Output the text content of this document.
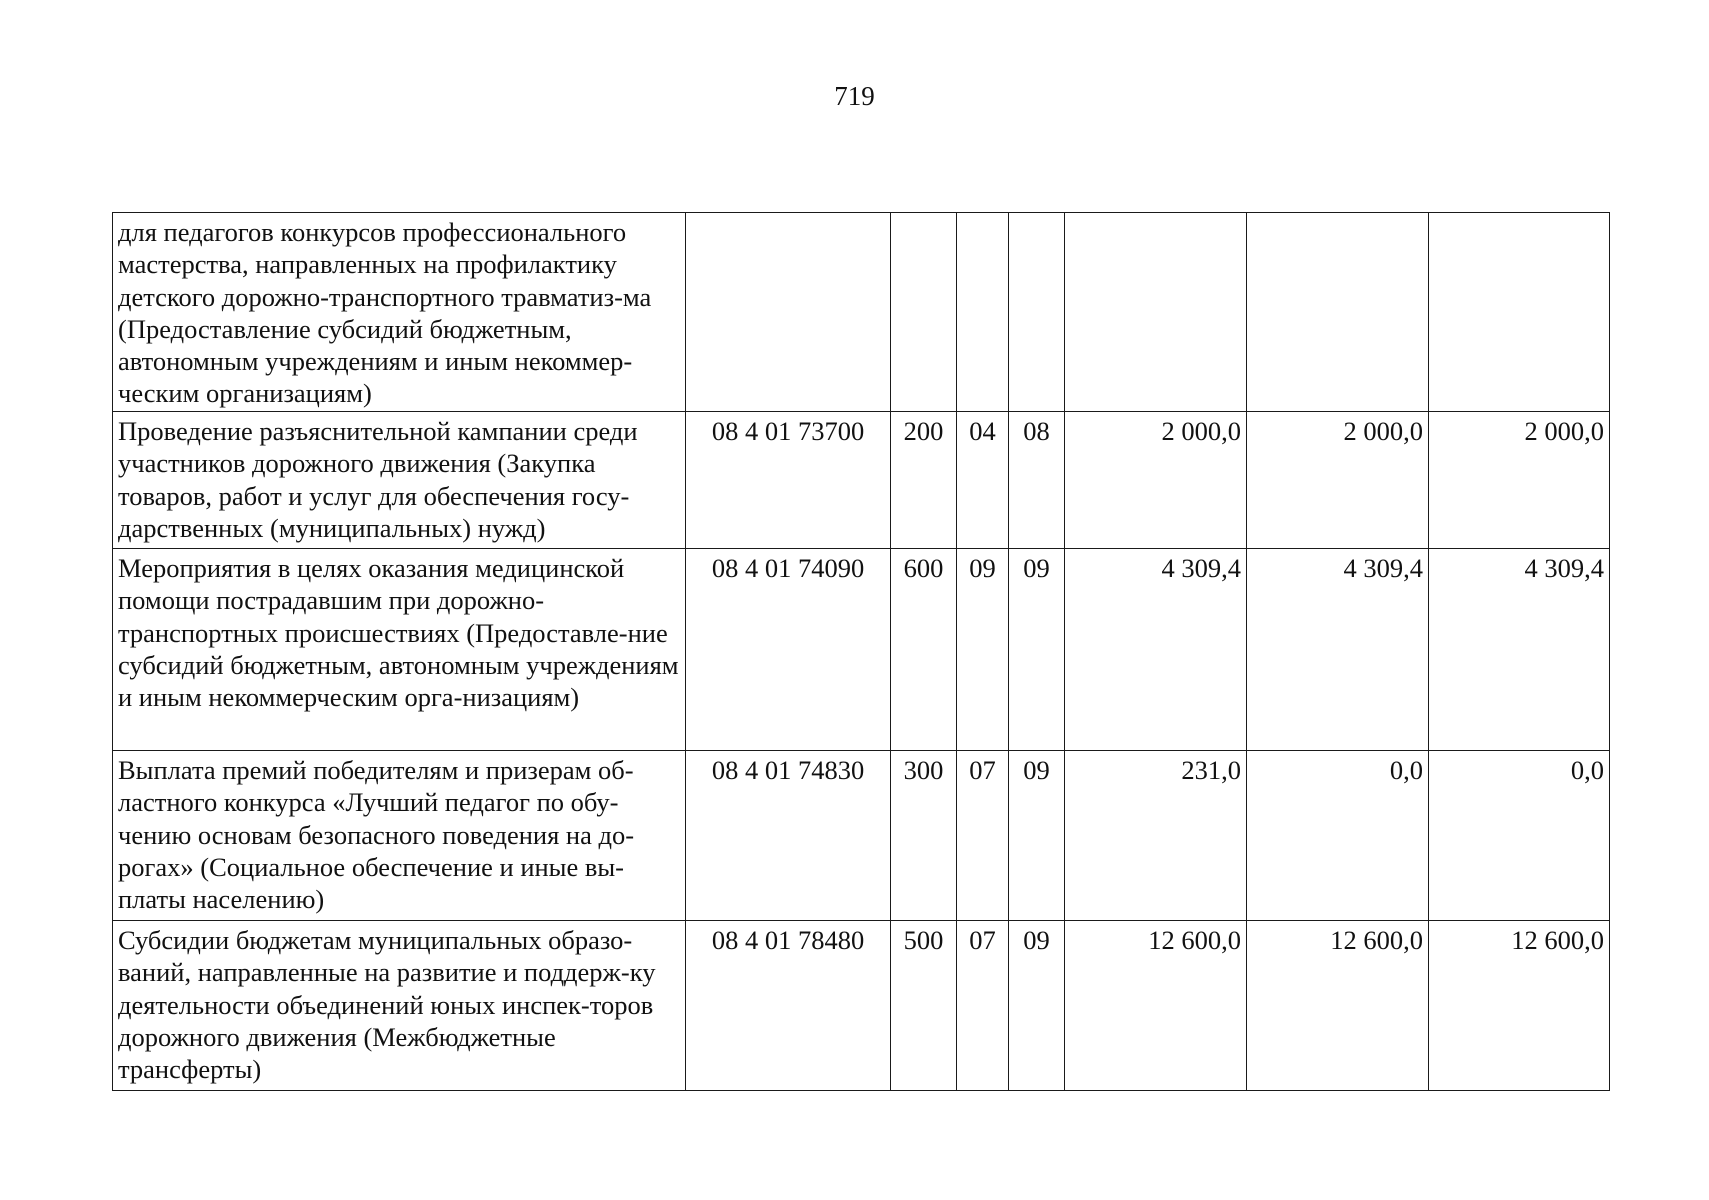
719
для педагогов конкурсов профессионального мастерства, направленных на профилактику детского дорожно-транспортного травматиз-ма (Предоставление субсидий бюджетным, автономным учреждениям и иным некоммер-ческим организациям)							
Проведение разъяснительной кампании среди участников дорожного движения (Закупка товаров, работ и услуг для обеспечения госу-дарственных (муниципальных) нужд)	08 4 01 73700	200	04	08	2 000,0	2 000,0	2 000,0
Мероприятия в целях оказания медицинской помощи пострадавшим при дорожно-транспортных происшествиях (Предоставле-ние субсидий бюджетным, автономным учреждениям и иным некоммерческим орга-низациям)	08 4 01 74090	600	09	09	4 309,4	4 309,4	4 309,4
Выплата премий победителям и призерам об-ластного конкурса «Лучший педагог по обу-чению основам безопасного поведения на до-рогах» (Социальное обеспечение и иные вы-платы населению)	08 4 01 74830	300	07	09	231,0	0,0	0,0
Субсидии бюджетам муниципальных образо-ваний, направленные на развитие и поддерж-ку деятельности объединений юных инспек-торов дорожного движения (Межбюджетные трансферты)	08 4 01 78480	500	07	09	12 600,0	12 600,0	12 600,0
